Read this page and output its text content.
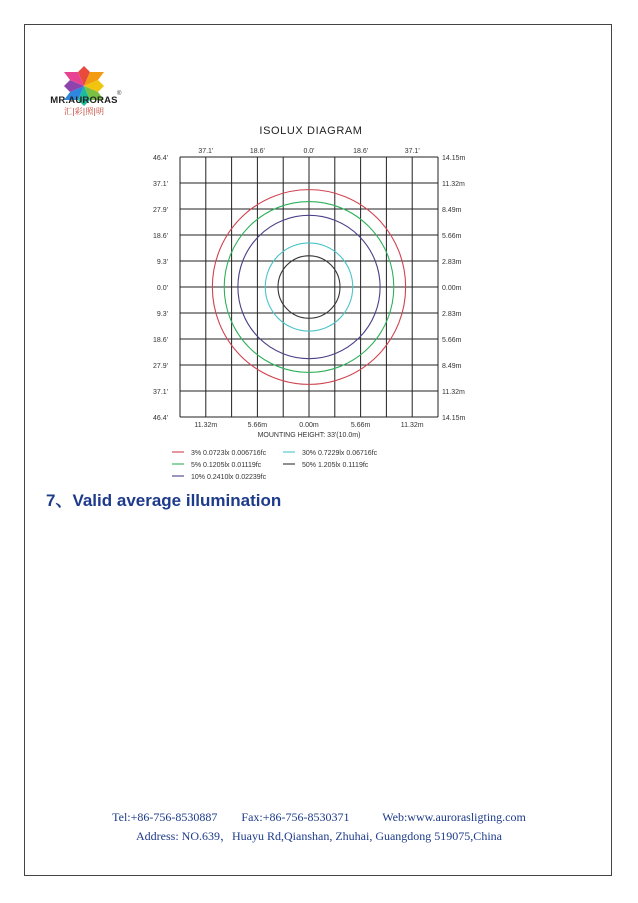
MR.AURORAS
®
汇|彩|照|明
ISOLUX DIAGRAM
46.4'
37.1'
27.9'
18.6'
9.3'
0.0'
9.3'
18.6'
27.9'
37.1'
46.4'
14.15m
11.32m
8.49m
5.66m
2.83m
0.00m
2.83m
5.66m
8.49m
11.32m
14.15m
37.1'	18.6'	0.0'	18.6'	37.1'
11.32m	5.66m	0.00m	5.66m	11.32m
MOUNTING HEIGHT: 33'(10.0m)
3% 0.0723lx 0.006716fc
5% 0.1205lx 0.01119fc
10% 0.2410lx 0.02239fc
30% 0.7229lx 0.06716fc
50% 1.205lx 0.1119fc
7、Valid average illumination
Tel:+86-756-8530887        Fax:+86-756-8530371           Web:www.aurorasligting.com
Address: NO.639，Huayu Rd,Qianshan, Zhuhai, Guangdong 519075,China
